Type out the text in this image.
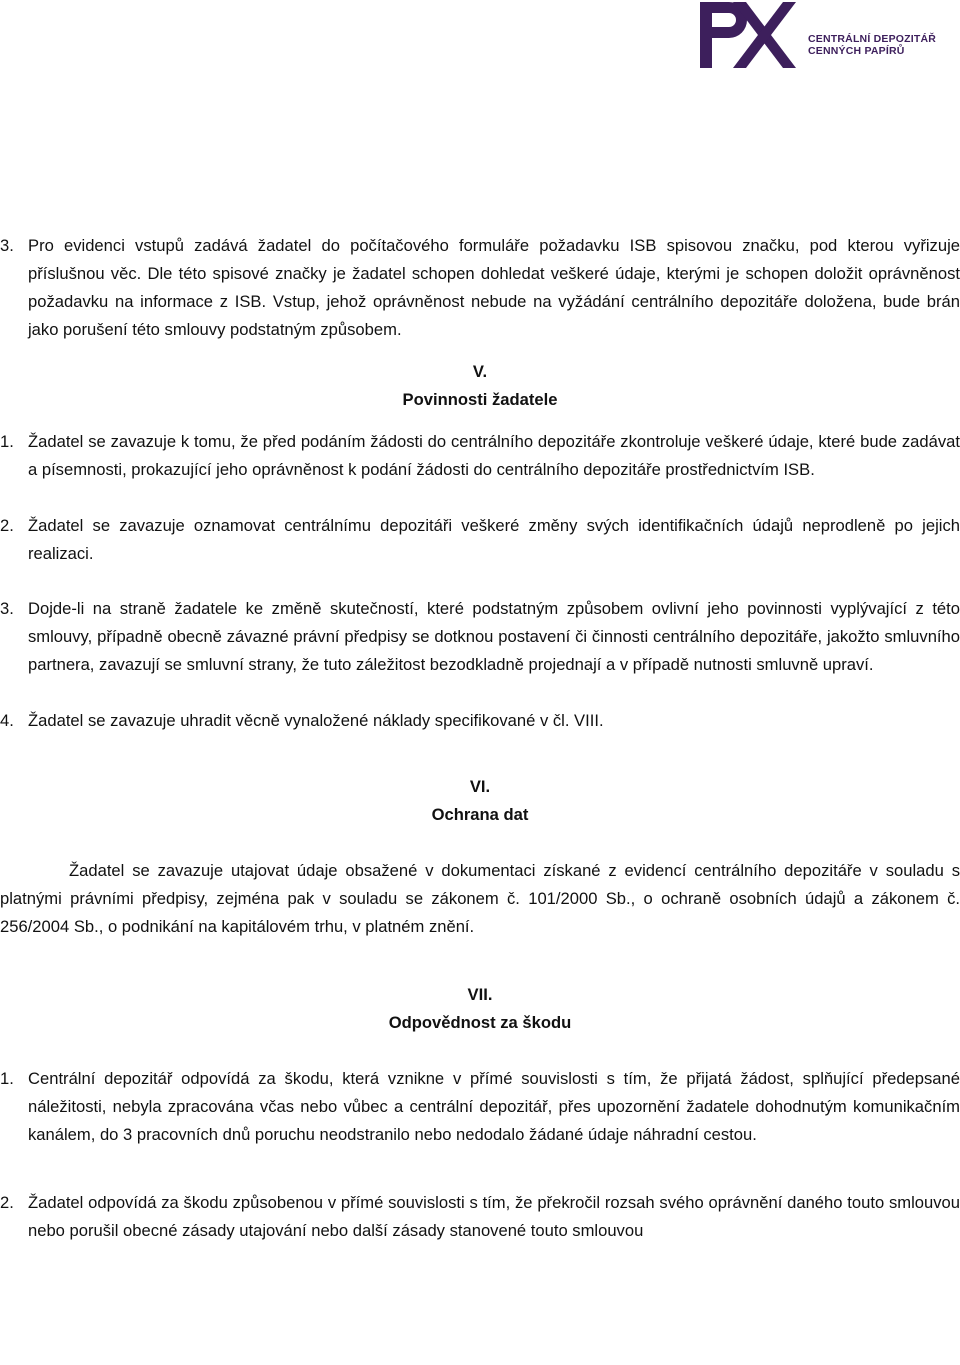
CENTRÁLNÍ DEPOZITÁŘ
CENNÝCH PAPÍRŮ
3. Pro evidenci vstupů zadává žadatel do počítačového formuláře požadavku ISB spisovou značku, pod kterou vyřizuje příslušnou věc. Dle této spisové značky je žadatel schopen dohledat veškeré údaje, kterými je schopen doložit oprávněnost požadavku na informace z ISB. Vstup, jehož oprávněnost nebude na vyžádání centrálního depozitáře doložena, bude brán jako porušení této smlouvy podstatným způsobem.
V.
Povinnosti žadatele
1. Žadatel se zavazuje k tomu, že před podáním žádosti do centrálního depozitáře zkontroluje veškeré údaje, které bude zadávat a písemnosti, prokazující jeho oprávněnost k podání žádosti do centrálního depozitáře prostřednictvím ISB.
2. Žadatel se zavazuje oznamovat centrálnímu depozitáři veškeré změny svých identifikačních údajů neprodleně po jejich realizaci.
3. Dojde-li na straně žadatele ke změně skutečností, které podstatným způsobem ovlivní jeho povinnosti vyplývající z této smlouvy, případně obecně závazné právní předpisy se dotknou postavení či činnosti centrálního depozitáře, jakožto smluvního partnera, zavazují se smluvní strany, že tuto záležitost bezodkladně projednají a v případě nutnosti smluvně upraví.
4. Žadatel se zavazuje uhradit věcně vynaložené náklady specifikované v čl. VIII.
VI.
Ochrana dat
Žadatel se zavazuje utajovat údaje obsažené v dokumentaci získané z evidencí centrálního depozitáře v souladu s platnými právními předpisy, zejména pak v souladu se zákonem č. 101/2000 Sb., o ochraně osobních údajů a zákonem č. 256/2004 Sb., o podnikání na kapitálovém trhu, v platném znění.
VII.
Odpovědnost za škodu
1. Centrální depozitář odpovídá za škodu, která vznikne v přímé souvislosti s tím, že přijatá žádost, splňující předepsané náležitosti, nebyla zpracována včas nebo vůbec a centrální depozitář, přes upozornění žadatele dohodnutým komunikačním kanálem, do 3 pracovních dnů poruchu neodstranilo nebo nedodalo žádané údaje náhradní cestou.
2. Žadatel odpovídá za škodu způsobenou v přímé souvislosti s tím, že překročil rozsah svého oprávnění daného touto smlouvou nebo porušil obecné zásady utajování nebo další zásady stanovené touto smlouvou
